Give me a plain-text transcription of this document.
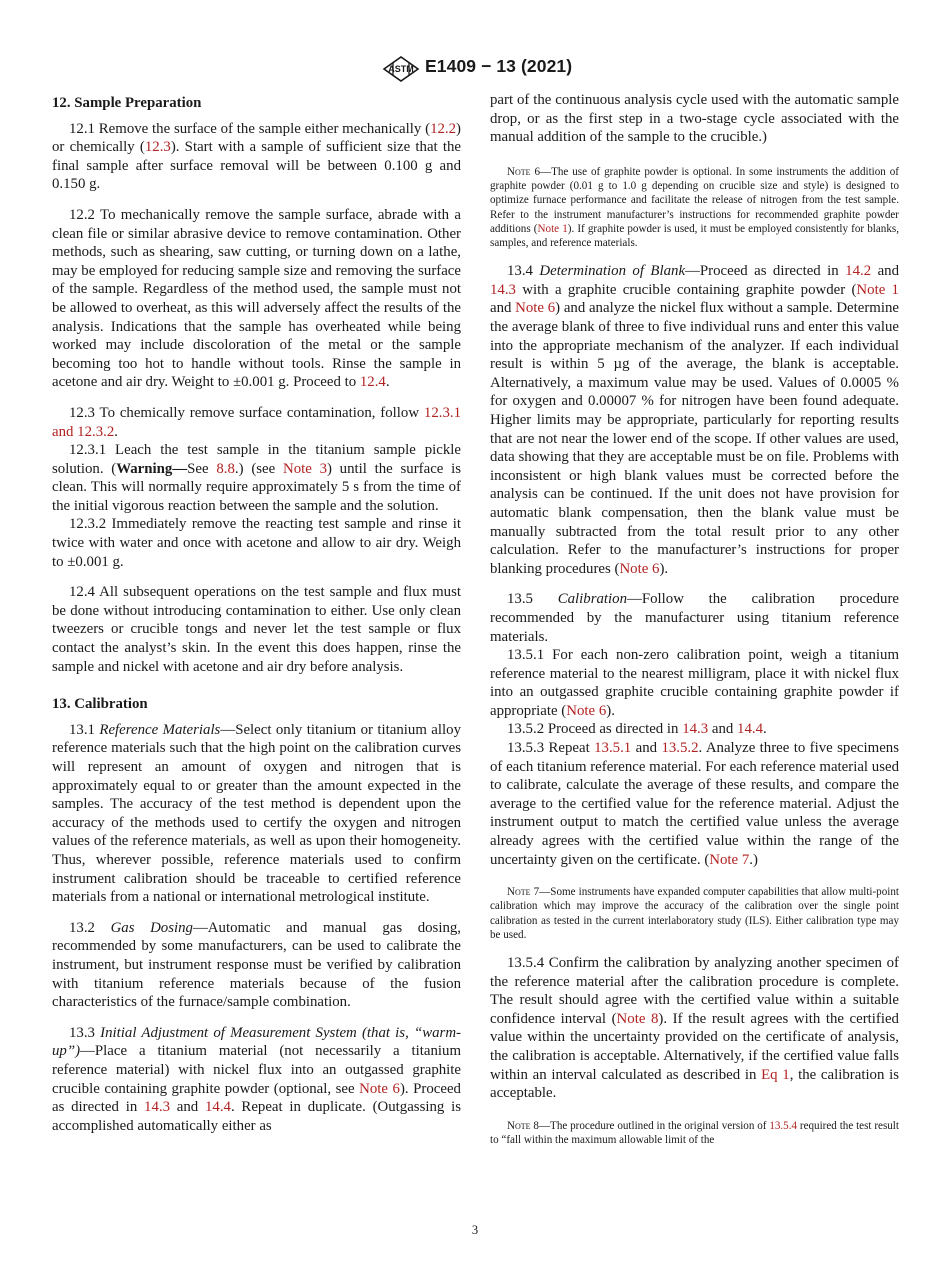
ASTM E1409 − 13 (2021)
12. Sample Preparation

12.1 Remove the surface of the sample either mechanically (12.2) or chemically (12.3). Start with a sample of sufficient size that the final sample after surface removal will be between 0.100 g and 0.150 g.

12.2 To mechanically remove the sample surface, abrade with a clean file or similar abrasive device to remove contamination. Other methods, such as shearing, saw cutting, or turning down on a lathe, may be employed for reducing sample size and removing the surface of the sample. Regardless of the method used, the sample must not be allowed to overheat, as this will adversely affect the results of the analysis. Indications that the sample has overheated while being worked may include discoloration of the metal or the sample becoming too hot to handle without tools. Rinse the sample in acetone and air dry. Weight to ±0.001 g. Proceed to 12.4.

12.3 To chemically remove surface contamination, follow 12.3.1 and 12.3.2.

12.3.1 Leach the test sample in the titanium sample pickle solution. (Warning—See 8.8.) (see Note 3) until the surface is clean. This will normally require approximately 5 s from the time of the initial vigorous reaction between the sample and the solution.

12.3.2 Immediately remove the reacting test sample and rinse it twice with water and once with acetone and allow to air dry. Weigh to ±0.001 g.

12.4 All subsequent operations on the test sample and flux must be done without introducing contamination to either. Use only clean tweezers or crucible tongs and never let the test sample or flux contact the analyst’s skin. In the event this does happen, rinse the sample and nickel with acetone and air dry before analysis.

13. Calibration

13.1 Reference Materials—Select only titanium or titanium alloy reference materials such that the high point on the calibration curves will represent an amount of oxygen and nitrogen that is approximately equal to or greater than the amount expected in the samples. The accuracy of the test method is dependent upon the accuracy of the methods used to certify the oxygen and nitrogen values of the reference materials, as well as upon their homogeneity. Thus, wherever possible, reference materials used to confirm instrument calibration should be traceable to certified reference materials from a national or international metrological institute.

13.2 Gas Dosing—Automatic and manual gas dosing, recommended by some manufacturers, can be used to calibrate the instrument, but instrument response must be verified by calibration with titanium reference materials because of the fusion characteristics of the furnace/sample combination.

13.3 Initial Adjustment of Measurement System (that is, “warm-up”)—Place a titanium material (not necessarily a titanium reference material) with nickel flux into an outgassed graphite crucible containing graphite powder (optional, see Note 6). Proceed as directed in 14.3 and 14.4. Repeat in duplicate. (Outgassing is accomplished automatically either as

part of the continuous analysis cycle used with the automatic sample drop, or as the first step in a two-stage cycle associated with the manual addition of the sample to the crucible.)

Note 6—The use of graphite powder is optional. In some instruments the addition of graphite powder (0.01 g to 1.0 g depending on crucible size and style) is designed to optimize furnace performance and facilitate the release of nitrogen from the test sample. Refer to the instrument manufacturer’s instructions for recommended graphite powder additions (Note 1). If graphite powder is used, it must be employed consistently for blanks, samples, and reference materials.

13.4 Determination of Blank—Proceed as directed in 14.2 and 14.3 with a graphite crucible containing graphite powder (Note 1 and Note 6) and analyze the nickel flux without a sample. Determine the average blank of three to five individual runs and enter this value into the appropriate mechanism of the analyzer. If each individual result is within 5 µg of the average, the blank is acceptable. Alternatively, a maximum value may be used. Values of 0.0005 % for oxygen and 0.00007 % for nitrogen have been found adequate. Higher limits may be appropriate, particularly for reporting results that are not near the lower end of the scope. If other values are used, data showing that they are acceptable must be on file. Problems with inconsistent or high blank values must be corrected before the analysis can be continued. If the unit does not have provision for automatic blank compensation, then the blank value must be manually subtracted from the total result prior to any other calculation. Refer to the manufacturer’s instructions for proper blanking procedures (Note 6).

13.5 Calibration—Follow the calibration procedure recommended by the manufacturer using titanium reference materials.

13.5.1 For each non-zero calibration point, weigh a titanium reference material to the nearest milligram, place it with nickel flux into an outgassed graphite crucible containing graphite powder if appropriate (Note 6).

13.5.2 Proceed as directed in 14.3 and 14.4.

13.5.3 Repeat 13.5.1 and 13.5.2. Analyze three to five specimens of each titanium reference material. For each reference material used to calibrate, calculate the average of these results, and compare the average to the certified value for the reference material. Adjust the instrument output to match the certified value unless the average already agrees with the certified value within the range of the uncertainty given on the certificate. (Note 7.)

Note 7—Some instruments have expanded computer capabilities that allow multi-point calibration which may improve the accuracy of the calibration over the single point calibration as tested in the current interlaboratory study (ILS). Either calibration type may be used.

13.5.4 Confirm the calibration by analyzing another specimen of the reference material after the calibration procedure is complete. The result should agree with the certified value within a suitable confidence interval (Note 8). If the result agrees with the certified value within the uncertainty provided on the certificate of analysis, the calibration is acceptable. Alternatively, if the certified value falls within an interval calculated as described in Eq 1, the calibration is acceptable.

Note 8—The procedure outlined in the original version of 13.5.4 required the test result to “fall within the maximum allowable limit of the

3
